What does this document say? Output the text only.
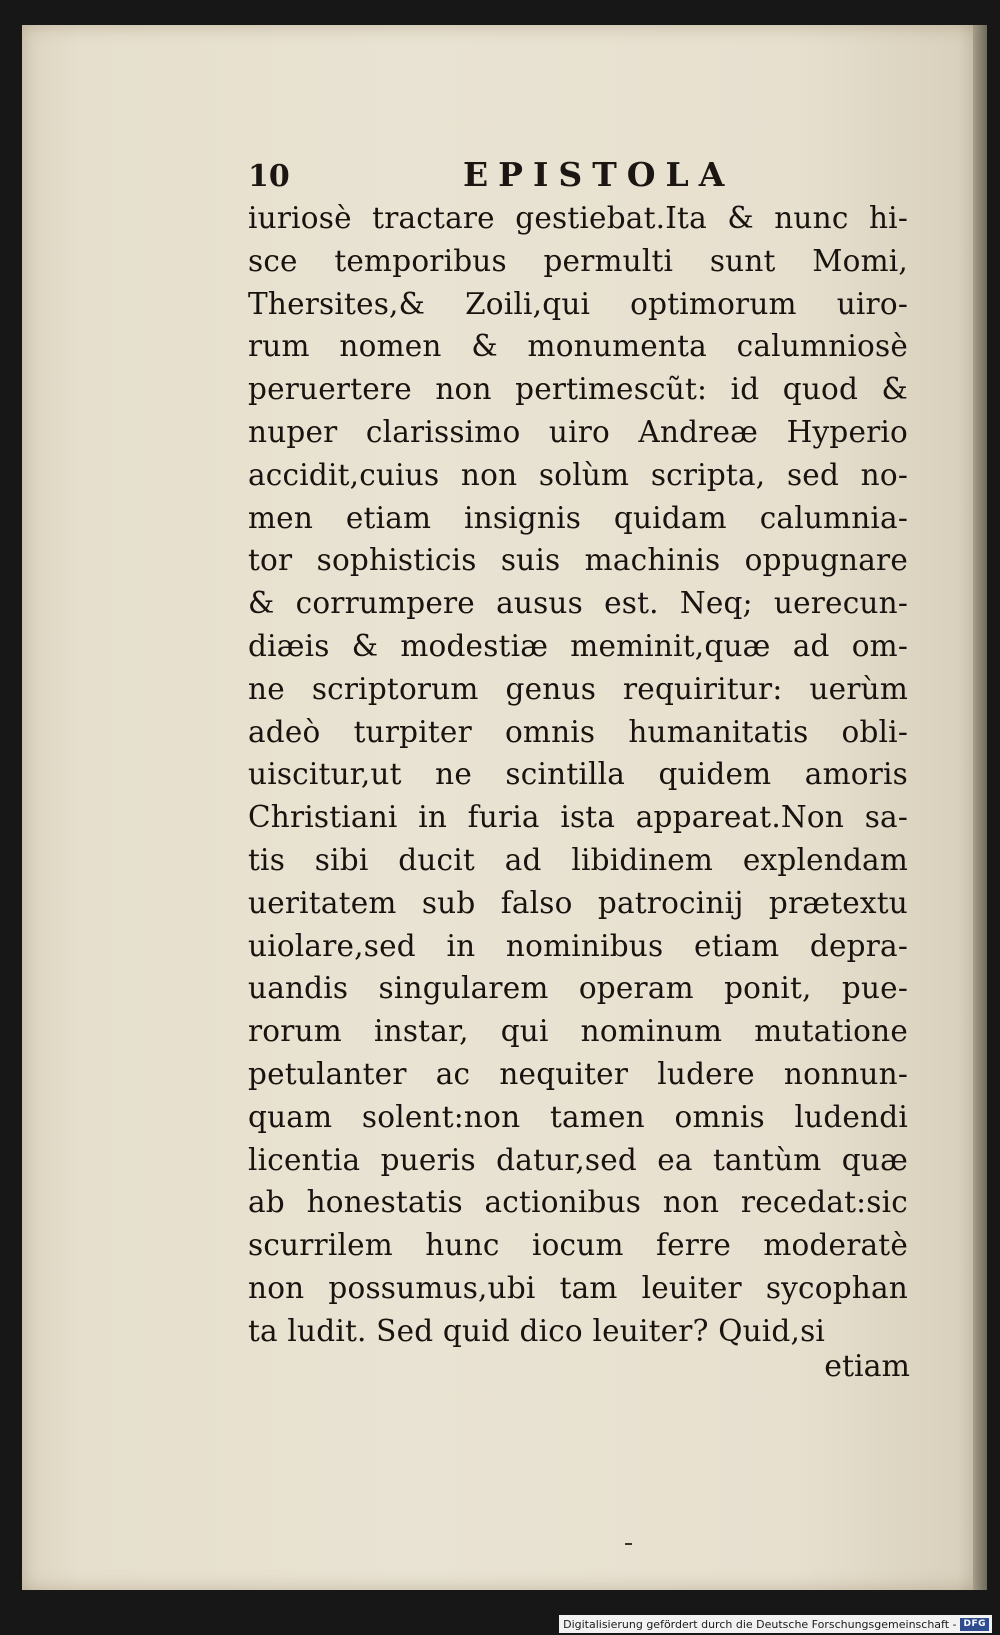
10	EPISTOLA
iuriosè tractare gestiebat.Ita & nunc hi-
sce temporibus permulti sunt Momi,
Thersites,& Zoili,qui optimorum uiro-
rum nomen & monumenta calumniosè
peruertere non pertimescũt: id quod &
nuper clarissimo uiro Andreæ Hyperio
accidit,cuius non solùm scripta, sed no-
men etiam insignis quidam calumnia-
tor sophisticis suis machinis oppugnare
& corrumpere ausus est. Neq; uerecun-
diæis & modestiæ meminit,quæ ad om-
ne scriptorum genus requiritur: uerùm
adeò turpiter omnis humanitatis obli-
uiscitur,ut ne scintilla quidem amoris
Christiani in furia ista appareat.Non sa-
tis sibi ducit ad libidinem explendam
ueritatem sub falso patrocinij prætextu
uiolare,sed in nominibus etiam depra-
uandis singularem operam ponit, pue-
rorum instar, qui nominum mutatione
petulanter ac nequiter ludere nonnun-
quam solent:non tamen omnis ludendi
licentia pueris datur,sed ea tantùm quæ
ab honestatis actionibus non recedat:sic
scurrilem hunc iocum ferre moderatè
non possumus,ubi tam leuiter sycophan
ta ludit. Sed quid dico leuiter? Quid,si
etiam
Digitalisierung gefördert durch die Deutsche Forschungsgemeinschaft - DFG
